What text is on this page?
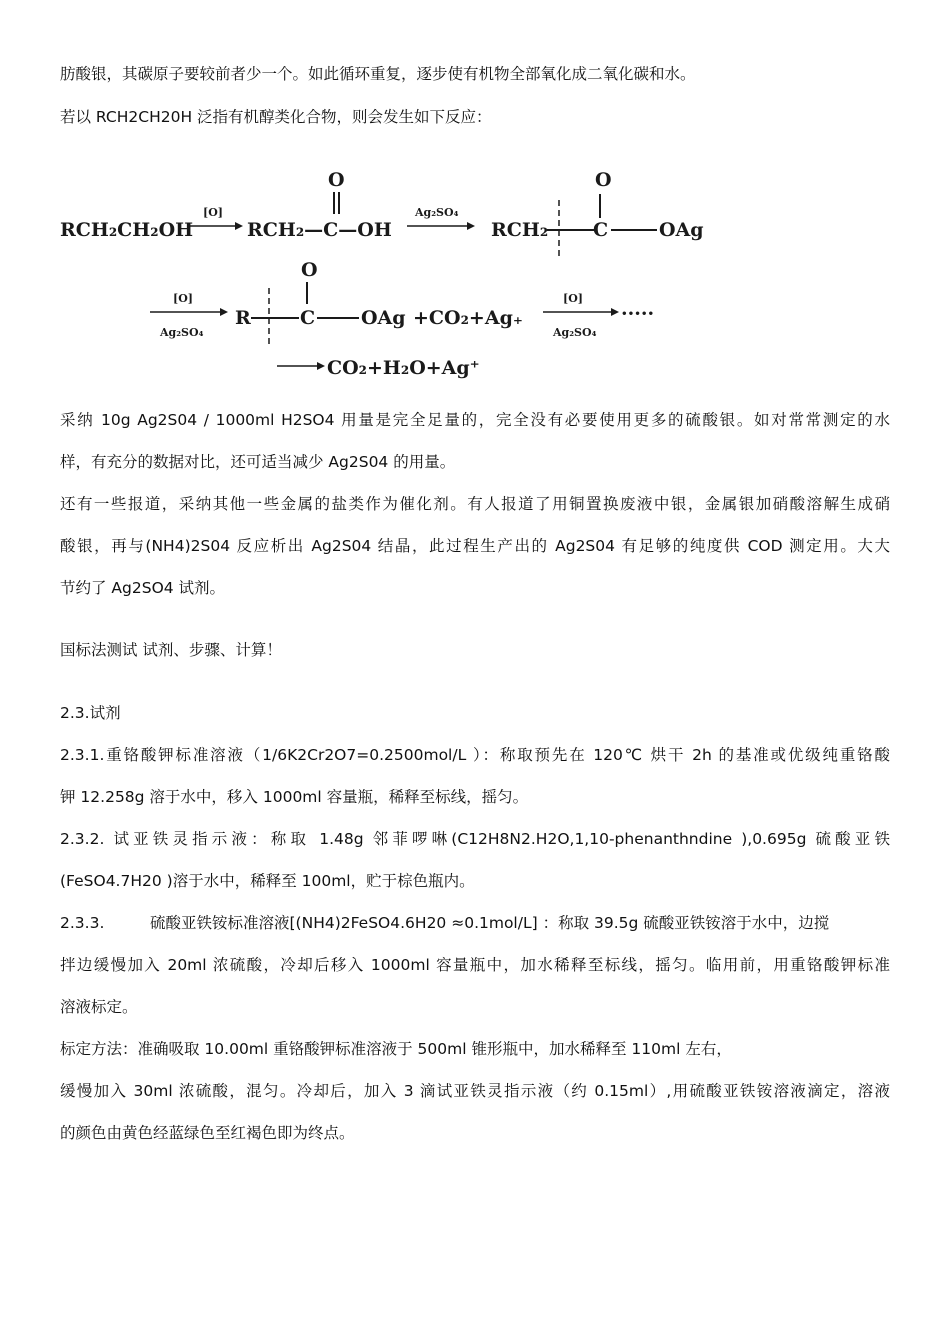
肪酸银，其碳原子要较前者少一个。如此循环重复，逐步使有机物全部氧化成二氧化碳和水。
若以 RCH2CH20H 泛指有机醇类化合物，则会发生如下反应：
RCH₂CH₂OH
[O]
RCH₂—C—OH
O
Ag₂SO₄
RCH₂
O
C	OAg
[O]
Ag₂SO₄
R
O
C OAg +CO₂+Ag₊
[O]
Ag₂SO₄
·····
CO₂+H₂O+Ag⁺
采纳 10g Ag2S04 / 1000ml H2SO4 用量是完全足量的，完全没有必要使用更多的硫酸银。如对常常测定的水
样，有充分的数据对比，还可适当减少 Ag2S04 的用量。
还有一些报道，采纳其他一些金属的盐类作为催化剂。有人报道了用铜置换废液中银，金属银加硝酸溶解生成硝
酸银，再与(NH4)2S04 反应析出 Ag2S04 结晶，此过程生产出的 Ag2S04 有足够的纯度供 COD 测定用。大大
节约了 Ag2SO4 试剂。
国标法测试 试剂、步骤、计算！
2.3.试剂
2.3.1.重铬酸钾标准溶液（1/6K2Cr2O7=0.2500mol/L ）：称取预先在 120℃ 烘干 2h 的基准或优级纯重铬酸
钾 12.258g 溶于水中，移入 1000ml 容量瓶，稀释至标线，摇匀。
2.3.2. 试亚铁灵指示液：称取 1.48g 邻菲啰啉(C12H8N2.H2O,1,10-phenanthndine ),0.695g 硫酸亚铁
(FeSO4.7H20 )溶于水中，稀释至 100ml，贮于棕色瓶内。
2.3.3.	硫酸亚铁铵标准溶液[(NH4)2FeSO4.6H20 ≈0.1mol/L] ：称取 39.5g 硫酸亚铁铵溶于水中，边搅
拌边缓慢加入 20ml 浓硫酸，冷却后移入 1000ml 容量瓶中，加水稀释至标线，摇匀。临用前，用重铬酸钾标准
溶液标定。
标定方法：准确吸取 10.00ml 重铬酸钾标准溶液于 500ml 锥形瓶中，加水稀释至 110ml 左右，
缓慢加入 30ml 浓硫酸，混匀。冷却后，加入 3 滴试亚铁灵指示液（约 0.15ml）,用硫酸亚铁铵溶液滴定，溶液
的颜色由黄色经蓝绿色至红褐色即为终点。
